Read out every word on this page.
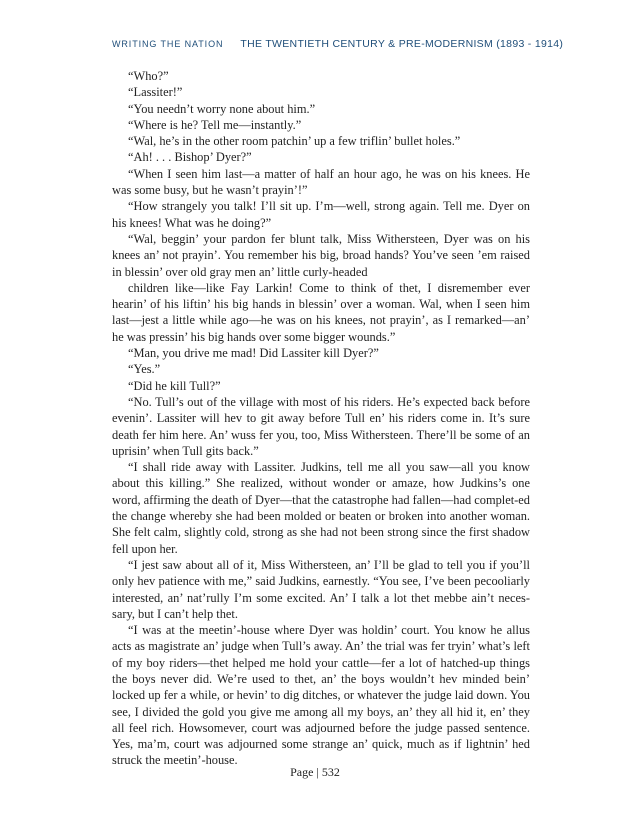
WRITING THE NATION THE TWENTIETH CENTURY & PRE-MODERNISM (1893 - 1914)

“Who?”

“Lassiter!”

“You needn’t worry none about him.”

“Where is he? Tell me—instantly.”

“Wal, he’s in the other room patchin’ up a few triflin’ bullet holes.”

“Ah! . . . Bishop’ Dyer?”

“When I seen him last—a matter of half an hour ago, he was on his knees. He was some busy, but he wasn’t prayin’!”

“How strangely you talk! I’ll sit up. I’m—well, strong again. Tell me. Dyer on his knees! What was he doing?”

“Wal, beggin’ your pardon fer blunt talk, Miss Withersteen, Dyer was on his knees an’ not prayin’. You remember his big, broad hands? You’ve seen ’em raised in blessin’ over old gray men an’ little curly-headed

children like—like Fay Larkin! Come to think of thet, I disremember ever hearin’ of his liftin’ his big hands in blessin’ over a woman. Wal, when I seen him last—jest a little while ago—he was on his knees, not prayin’, as I remarked—an’ he was pressin’ his big hands over some bigger wounds.”

“Man, you drive me mad! Did Lassiter kill Dyer?”

“Yes.”

“Did he kill Tull?”

“No. Tull’s out of the village with most of his riders. He’s expected back before evenin’. Lassiter will hev to git away before Tull en’ his riders come in. It’s sure death fer him here. An’ wuss fer you, too, Miss Withersteen. There’ll be some of an uprisin’ when Tull gits back.”

“I shall ride away with Lassiter. Judkins, tell me all you saw—all you know about this killing.” She realized, without wonder or amaze, how Judkins’s one word, affirming the death of Dyer—that the catastrophe had fallen—had complet-ed the change whereby she had been molded or beaten or broken into another woman. She felt calm, slightly cold, strong as she had not been strong since the first shadow fell upon her.

“I jest saw about all of it, Miss Withersteen, an’ I’ll be glad to tell you if you’ll only hev patience with me,” said Judkins, earnestly. “You see, I’ve been pecooliarly interested, an’ nat’rully I’m some excited. An’ I talk a lot thet mebbe ain’t neces-sary, but I can’t help thet.

“I was at the meetin’-house where Dyer was holdin’ court. You know he allus acts as magistrate an’ judge when Tull’s away. An’ the trial was fer tryin’ what’s left of my boy riders—thet helped me hold your cattle—fer a lot of hatched-up things the boys never did. We’re used to thet, an’ the boys wouldn’t hev minded bein’ locked up fer a while, or hevin’ to dig ditches, or whatever the judge laid down. You see, I divided the gold you give me among all my boys, an’ they all hid it, en’ they all feel rich. Howsomever, court was adjourned before the judge passed sentence. Yes, ma’m, court was adjourned some strange an’ quick, much as if lightnin’ hed struck the meetin’-house.

Page | 532
